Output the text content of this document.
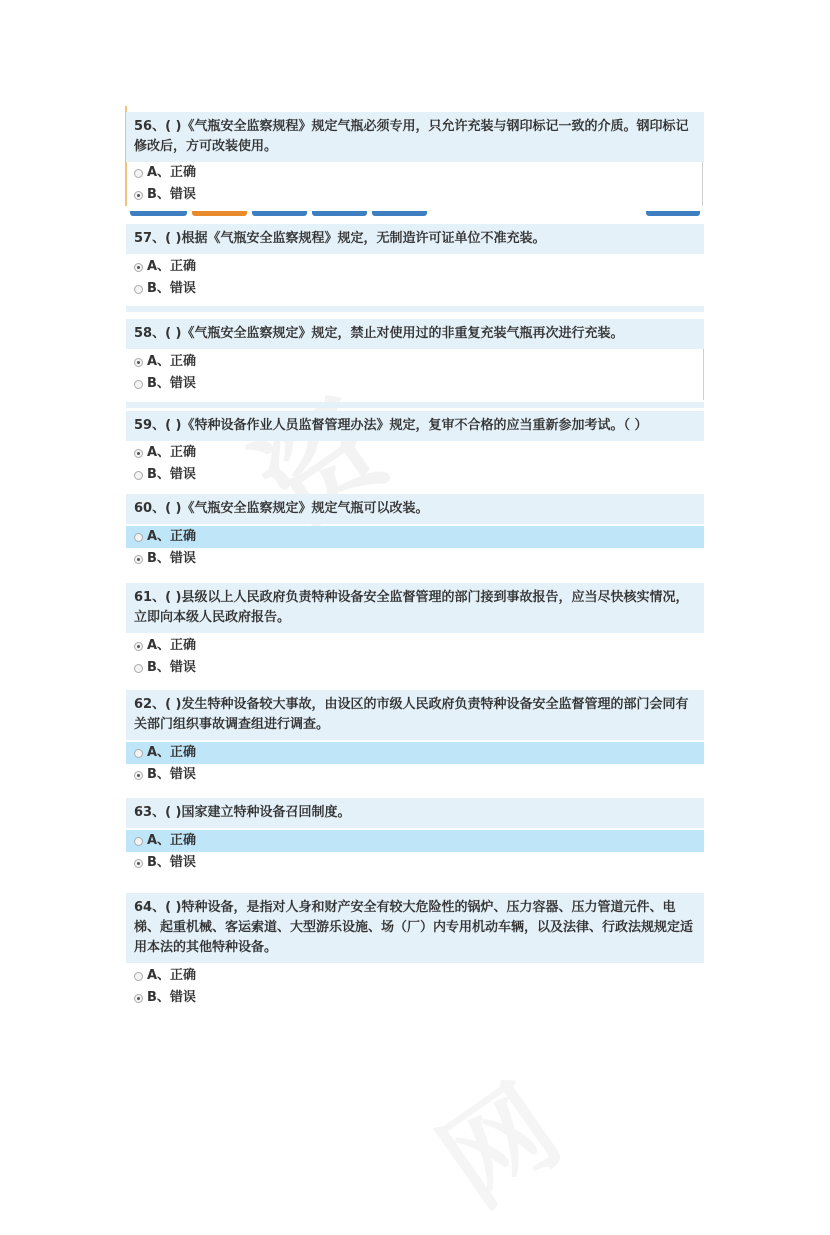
56、( )《气瓶安全监察规程》规定气瓶必须专用，只允许充装与钢印标记一致的介质。钢印标记修改后，方可改装使用。
A、正确
B、错误
57、( )根据《气瓶安全监察规程》规定，无制造许可证单位不准充装。
A、正确
B、错误
58、( )《气瓶安全监察规定》规定，禁止对使用过的非重复充装气瓶再次进行充装。
A、正确
B、错误
59、( )《特种设备作业人员监督管理办法》规定，复审不合格的应当重新参加考试。（ ）
A、正确
B、错误
60、( )《气瓶安全监察规定》规定气瓶可以改装。
A、正确
B、错误
61、( )县级以上人民政府负责特种设备安全监督管理的部门接到事故报告，应当尽快核实情况，立即向本级人民政府报告。
A、正确
B、错误
62、( )发生特种设备较大事故，由设区的市级人民政府负责特种设备安全监督管理的部门会同有关部门组织事故调查组进行调查。
A、正确
B、错误
63、( )国家建立特种设备召回制度。
A、正确
B、错误
64、( )特种设备，是指对人身和财产安全有较大危险性的锅炉、压力容器、压力管道元件、电梯、起重机械、客运索道、大型游乐设施、场（厂）内专用机动车辆，以及法律、行政法规规定适用本法的其他特种设备。
A、正确
B、错误
